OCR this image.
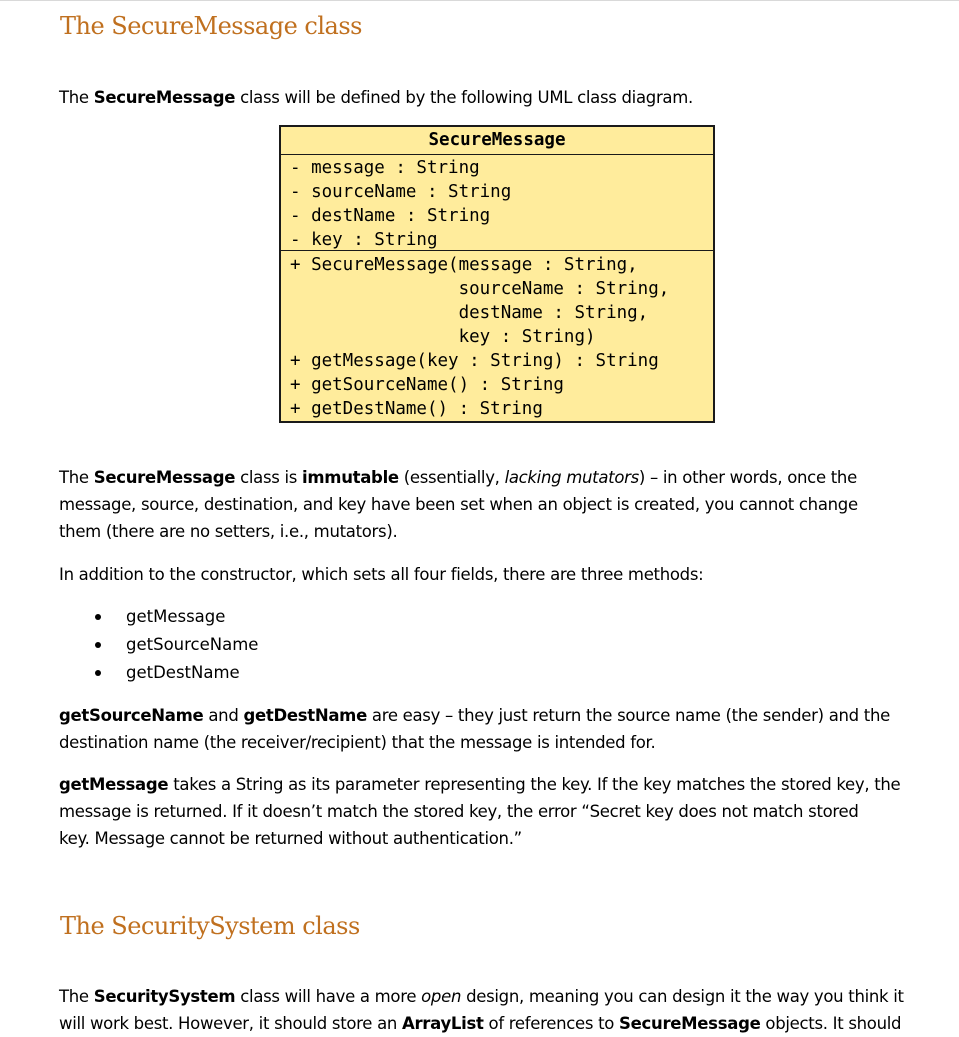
The SecureMessage class

The SecureMessage class will be defined by the following UML class diagram.

SecureMessage
- message : String
- sourceName : String
- destName : String
- key : String
+ SecureMessage(message : String,
sourceName : String,
destName : String,
key : String)
+ getMessage(key : String) : String
+ getSourceName() : String
+ getDestName() : String

The SecureMessage class is immutable (essentially, lacking mutators) – in other words, once the

message, source, destination, and key have been set when an object is created, you cannot change

them (there are no setters, i.e., mutators).

In addition to the constructor, which sets all four fields, there are three methods:

getMessage
getSourceName
getDestName

getSourceName and getDestName are easy – they just return the source name (the sender) and the

destination name (the receiver/recipient) that the message is intended for.

getMessage takes a String as its parameter representing the key. If the key matches the stored key, the

message is returned. If it doesn’t match the stored key, the error “Secret key does not match stored

key. Message cannot be returned without authentication.”

The SecuritySystem class

The SecuritySystem class will have a more open design, meaning you can design it the way you think it

will work best. However, it should store an ArrayList of references to SecureMessage objects. It should
